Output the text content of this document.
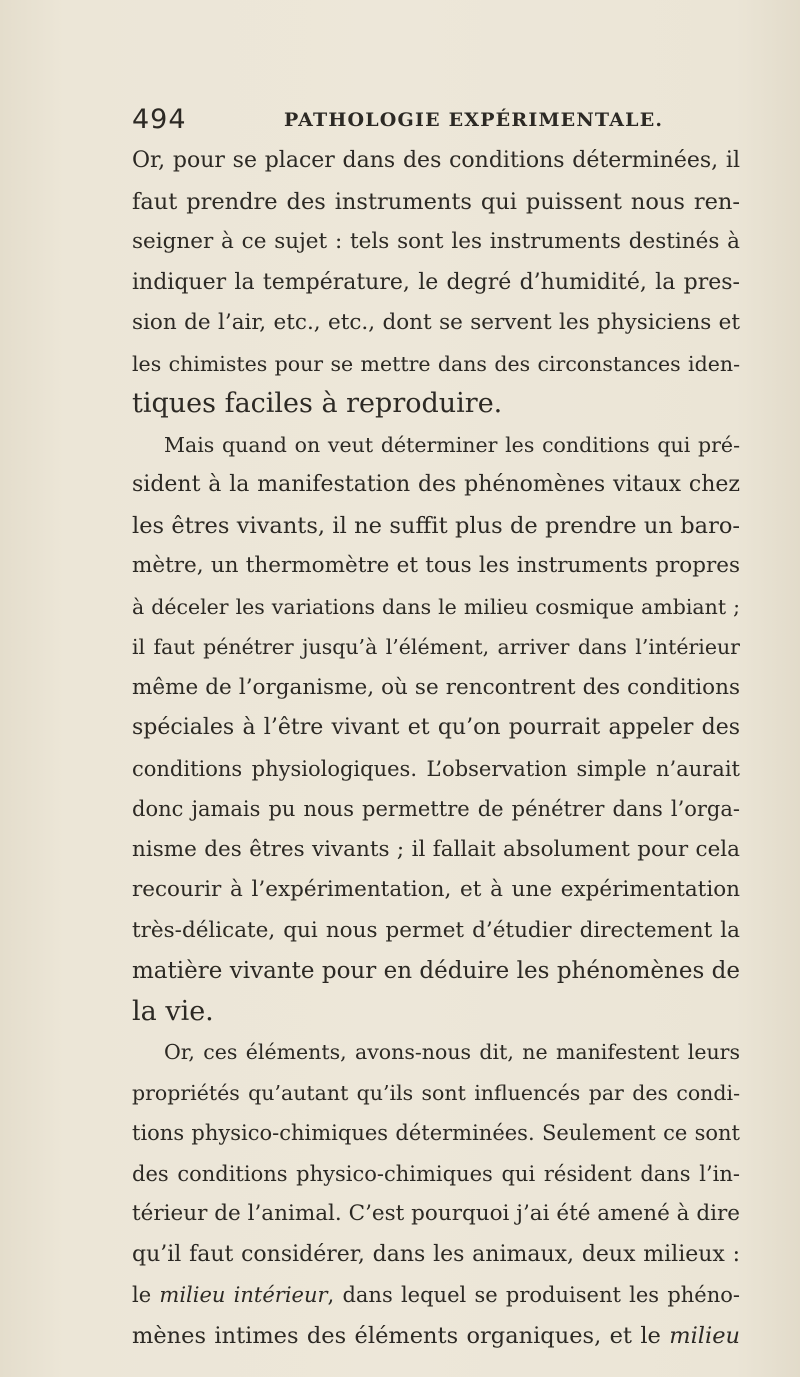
494	PATHOLOGIE EXPÉRIMENTALE.
Or, pour se placer dans des conditions déterminées, il
faut prendre des instruments qui puissent nous ren-
seigner à ce sujet : tels sont les instruments destinés à
indiquer la température, le degré d’humidité, la pres-
sion de l’air, etc., etc., dont se servent les physiciens et
les chimistes pour se mettre dans des circonstances iden-
tiques faciles à reproduire.
Mais quand on veut déterminer les conditions qui pré-
sident à la manifestation des phénomènes vitaux chez
les êtres vivants, il ne suffit plus de prendre un baro-
mètre, un thermomètre et tous les instruments propres
à déceler les variations dans le milieu cosmique ambiant ;
il faut pénétrer jusqu’à l’élément, arriver dans l’intérieur
même de l’organisme, où se rencontrent des conditions
spéciales à l’être vivant et qu’on pourrait appeler des
conditions physiologiques. L’observation simple n’aurait
donc jamais pu nous permettre de pénétrer dans l’orga-
nisme des êtres vivants ; il fallait absolument pour cela
recourir à l’expérimentation, et à une expérimentation
très-délicate, qui nous permet d’étudier directement la
matière vivante pour en déduire les phénomènes de
la vie.
Or, ces éléments, avons-nous dit, ne manifestent leurs
propriétés qu’autant qu’ils sont influencés par des condi-
tions physico-chimiques déterminées. Seulement ce sont
des conditions physico-chimiques qui résident dans l’in-
térieur de l’animal. C’est pourquoi j’ai été amené à dire
qu’il faut considérer, dans les animaux, deux milieux :
le milieu intérieur, dans lequel se produisent les phéno-
mènes intimes des éléments organiques, et le milieu
